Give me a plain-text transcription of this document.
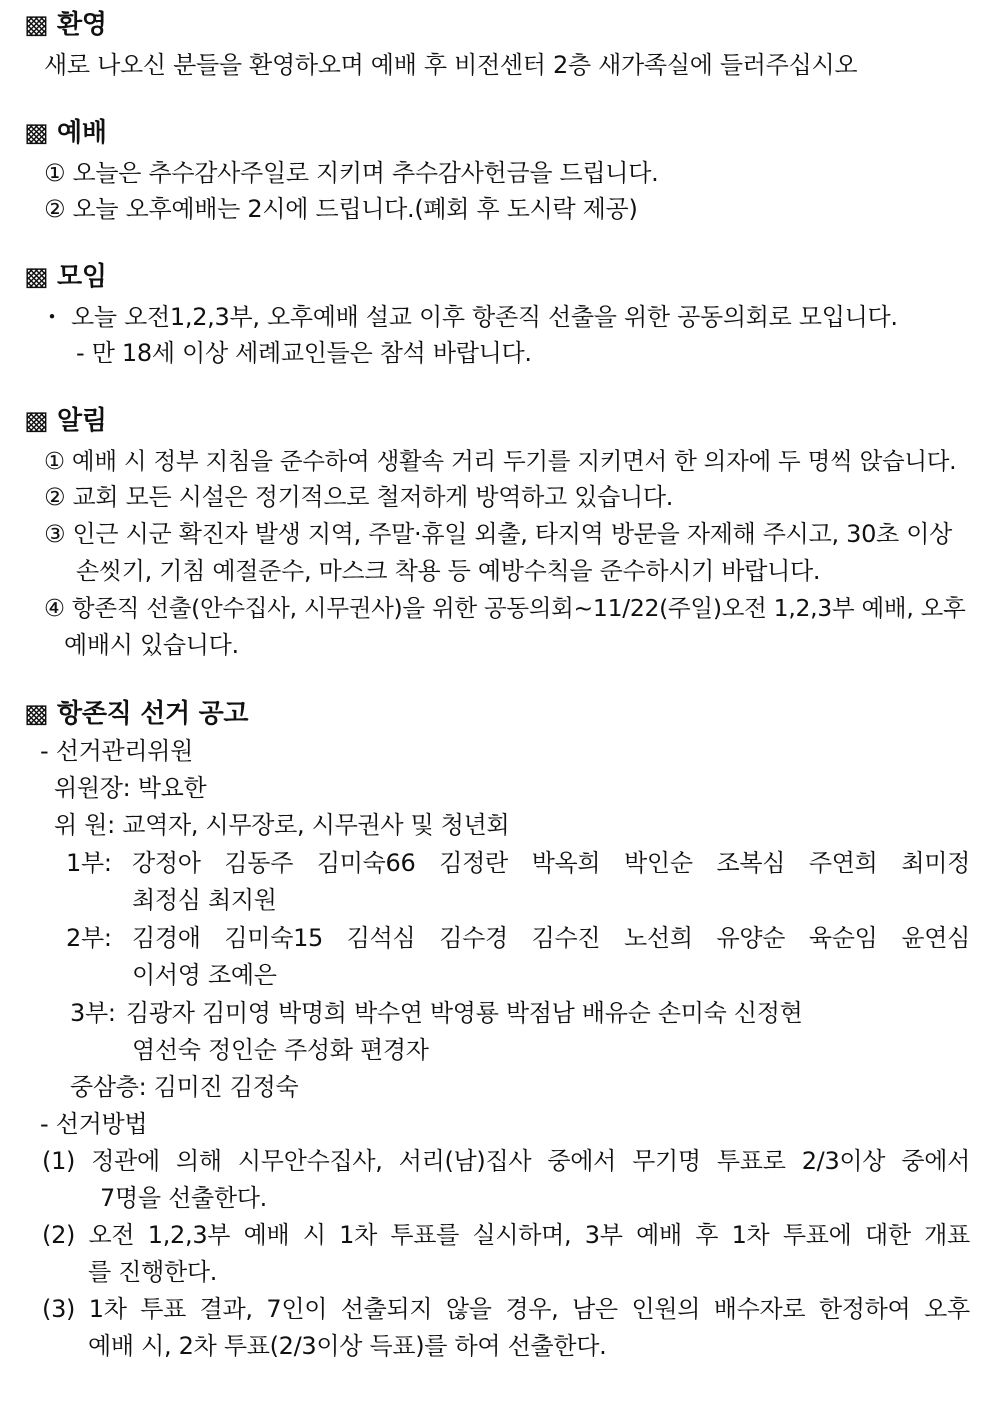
▩ 환영
새로 나오신 분들을 환영하오며 예배 후 비전센터 2층 새가족실에 들러주십시오
▩ 예배
① 오늘은 추수감사주일로 지키며 추수감사헌금을 드립니다.
② 오늘 오후예배는 2시에 드립니다.(폐회 후 도시락 제공)
▩ 모임
・ 오늘 오전1,2,3부, 오후예배 설교 이후 항존직 선출을 위한 공동의회로 모입니다.
- 만 18세 이상 세례교인들은 참석 바랍니다.
▩ 알림
① 예배 시 정부 지침을 준수하여 생활속 거리 두기를 지키면서 한 의자에 두 명씩 앉습니다.
② 교회 모든 시설은 정기적으로 철저하게 방역하고 있습니다.
③ 인근 시군 확진자 발생 지역, 주말·휴일 외출, 타지역 방문을 자제해 주시고, 30초 이상
손씻기, 기침 예절준수, 마스크 착용 등 예방수칙을 준수하시기 바랍니다.
④ 항존직 선출(안수집사, 시무권사)을 위한 공동의회~11/22(주일)오전 1,2,3부 예배, 오후
예배시 있습니다.
▩ 항존직 선거 공고
- 선거관리위원
위원장: 박요한
위 원: 교역자, 시무장로, 시무권사 및 청년회
1부: 강정아 김동주 김미숙66 김정란 박옥희 박인순 조복심 주연희 최미정
최정심 최지원
2부: 김경애 김미숙15 김석심 김수경 김수진 노선희 유양순 육순임 윤연심
이서영 조예은
3부: 김광자 김미영 박명희 박수연 박영룡 박점남 배유순 손미숙 신정현
염선숙 정인순 주성화 편경자
중삼층: 김미진 김정숙
- 선거방법
(1) 정관에 의해 시무안수집사, 서리(남)집사 중에서 무기명 투표로 2/3이상 중에서
7명을 선출한다.
(2) 오전 1,2,3부 예배 시 1차 투표를 실시하며, 3부 예배 후 1차 투표에 대한 개표
를 진행한다.
(3) 1차 투표 결과, 7인이 선출되지 않을 경우, 남은 인원의 배수자로 한정하여 오후
예배 시, 2차 투표(2/3이상 득표)를 하여 선출한다.
